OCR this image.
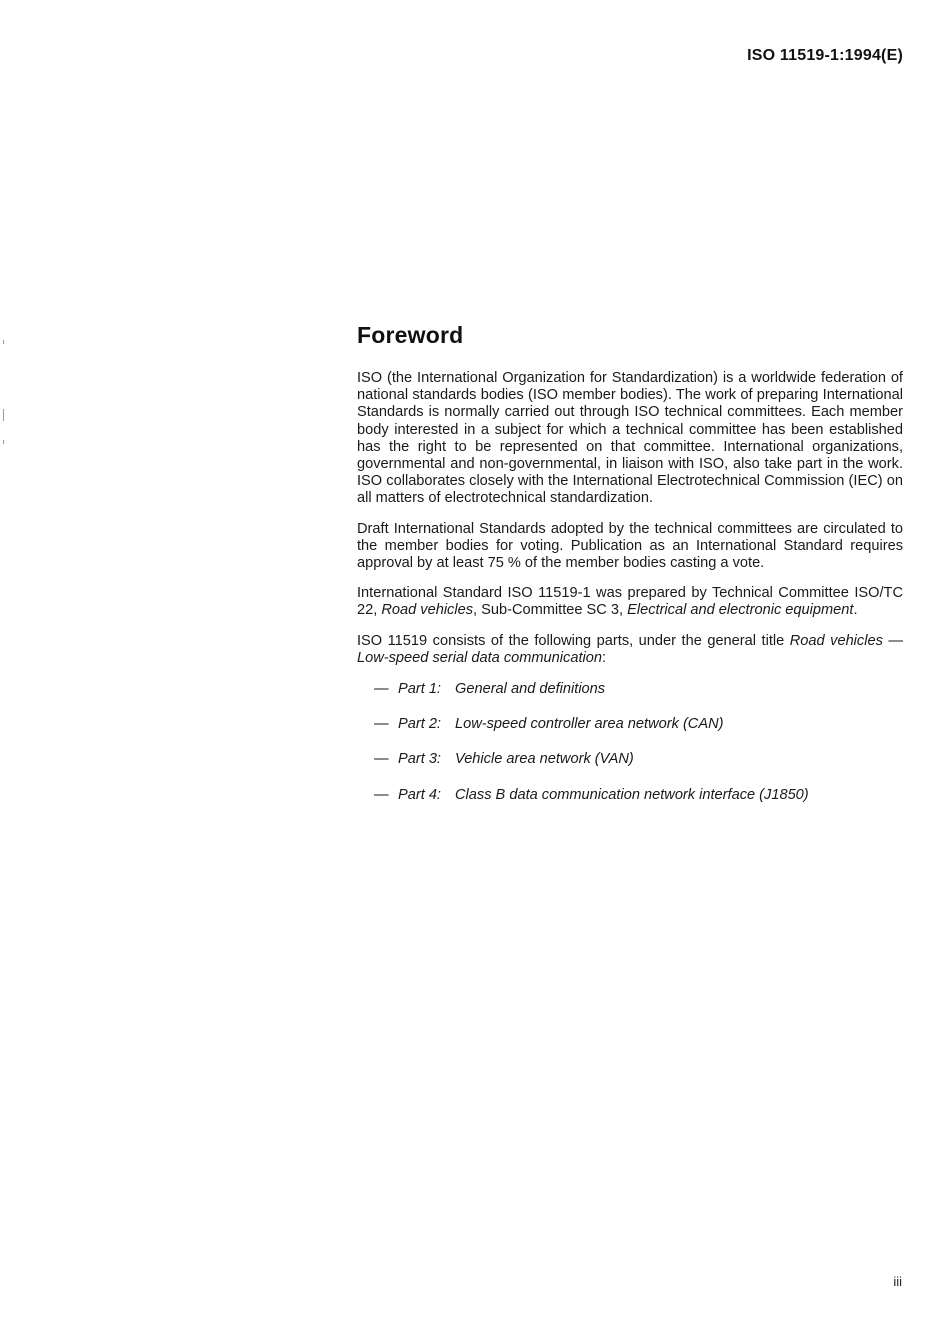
ISO 11519-1:1994(E)
Foreword

ISO (the International Organization for Standardization) is a worldwide federation of national standards bodies (ISO member bodies). The work of preparing International Standards is normally carried out through ISO technical committees. Each member body interested in a subject for which a technical committee has been established has the right to be represented on that committee. International organizations, governmental and non-governmental, in liaison with ISO, also take part in the work. ISO collaborates closely with the International Electrotechnical Commission (IEC) on all matters of electrotechnical standardization.

Draft International Standards adopted by the technical committees are circulated to the member bodies for voting. Publication as an International Standard requires approval by at least 75 % of the member bodies casting a vote.

International Standard ISO 11519-1 was prepared by Technical Committee ISO/TC 22, Road vehicles, Sub-Committee SC 3, Electrical and electronic equipment.

ISO 11519 consists of the following parts, under the general title Road vehicles — Low-speed serial data communication:

— Part 1: General and definitions
— Part 2: Low-speed controller area network (CAN)
— Part 3: Vehicle area network (VAN)
— Part 4: Class B data communication network interface (J1850)
iii
